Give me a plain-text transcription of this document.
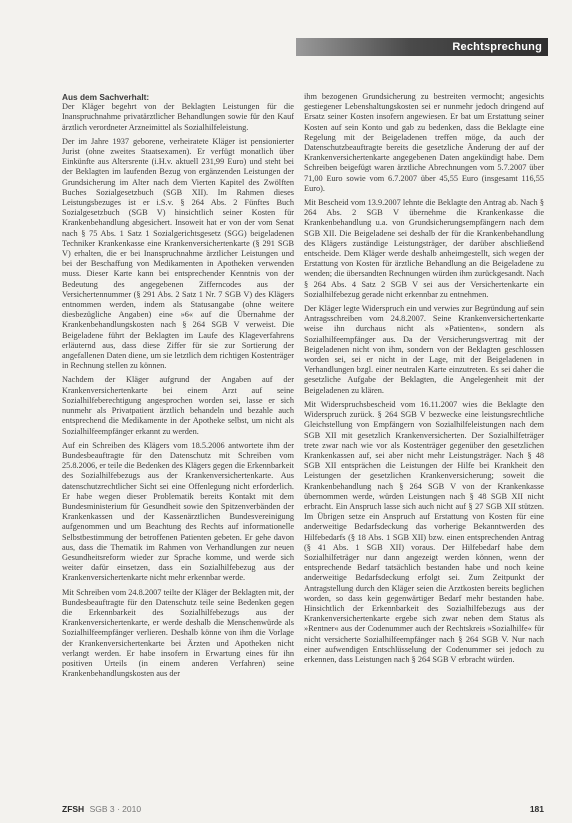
Rechtsprechung

Aus dem Sachverhalt:

Der Kläger begehrt von der Beklagten Leistungen für die Inanspruchnahme privatärztlicher Behandlungen sowie für den Kauf ärztlich verordneter Arzneimittel als Sozialhilfeleistung.

Der im Jahre 1937 geborene, verheiratete Kläger ist pensionierter Jurist (ohne zweites Staatsexamen). Er verfügt monatlich über Einkünfte aus Altersrente (i.H.v. aktuell 231,99 Euro) und steht bei der Beklagten im laufenden Bezug von ergänzenden Leistungen der Grundsicherung im Alter nach dem Vierten Kapitel des Zwölften Buches Sozialgesetzbuch (SGB XII). Im Rahmen dieses Leistungsbezuges ist er i.S.v. § 264 Abs. 2 Fünftes Buch Sozialgesetzbuch (SGB V) hinsichtlich seiner Kosten für Krankenbehandlung abgesichert. Insoweit hat er von der vom Senat nach § 75 Abs. 1 Satz 1 Sozialgerichtsgesetz (SGG) beigeladenen Techniker Krankenkasse eine Krankenversichertenkarte (§ 291 SGB V) erhalten, die er bei Inanspruchnahme ärztlicher Leistungen und bei der Beschaffung von Medikamenten in Apotheken verwenden muss. Dieser Karte kann bei entsprechender Kenntnis von der Bedeutung des angegebenen Zifferncodes aus der Versichertennummer (§ 291 Abs. 2 Satz 1 Nr. 7 SGB V) des Klägers entnommen werden, indem als Statusangabe (ohne weitere diesbezügliche Angaben) eine »6« auf die Übernahme der Krankenbehandlungskosten nach § 264 SGB V verweist. Die Beigeladene führt der Beklagten im Laufe des Klageverfahrens erläuternd aus, dass diese Ziffer für sie zur Sortierung der angefallenen Daten diene, um sie letztlich dem richtigen Kostenträger in Rechnung stellen zu können.

Nachdem der Kläger aufgrund der Angaben auf der Krankenversichertenkarte bei einem Arzt auf seine Sozialhilfeberechtigung angesprochen worden sei, lasse er sich nunmehr als Privatpatient ärztlich behandeln und bezahle auch entsprechend die Medikamente in der Apotheke selbst, um nicht als Sozialhilfeempfänger erkannt zu werden.

Auf ein Schreiben des Klägers vom 18.5.2006 antwortete ihm der Bundesbeauftragte für den Datenschutz mit Schreiben vom 25.8.2006, er teile die Bedenken des Klägers gegen die Erkennbarkeit des Sozialhilfebezugs aus der Krankenversichertenkarte. Aus datenschutzrechtlicher Sicht sei eine Offenlegung nicht erforderlich. Er habe wegen dieser Problematik bereits Kontakt mit dem Bundesministerium für Gesundheit sowie den Spitzenverbänden der Krankenkassen und der Kassenärztlichen Bundesvereinigung aufgenommen und um Beachtung des Rechts auf informationelle Selbstbestimmung der betroffenen Patienten gebeten. Er gehe davon aus, dass die Thematik im Rahmen von Verhandlungen zur neuen Gesundheitsreform wieder zur Sprache komme, und werde sich weiter dafür einsetzen, dass ein Sozialhilfebezug aus der Krankenversichertenkarte nicht mehr erkennbar werde.

Mit Schreiben vom 24.8.2007 teilte der Kläger der Beklagten mit, der Bundesbeauftragte für den Datenschutz teile seine Bedenken gegen die Erkennbarkeit des Sozialhilfebezugs aus der Krankenversichertenkarte, er werde deshalb die Menschenwürde als Sozialhilfeempfänger verlieren. Deshalb könne von ihm die Vorlage der Krankenversichertenkarte bei Ärzten und Apotheken nicht verlangt werden. Er habe insofern in Erwartung eines für ihn positiven Urteils (in einem anderen Verfahren) seine Krankenbehandlungskosten aus der

ihm bezogenen Grundsicherung zu bestreiten vermocht; angesichts gestiegener Lebenshaltungskosten sei er nunmehr jedoch dringend auf Ersatz seiner Kosten insofern angewiesen. Er bat um Erstattung seiner Kosten auf sein Konto und gab zu bedenken, dass die Beklagte eine Regelung mit der Beigeladenen treffen möge, da auch der Datenschutzbeauftragte bereits die gesetzliche Änderung der auf der Krankenversichertenkarte angegebenen Daten angekündigt habe. Dem Schreiben beigefügt waren ärztliche Abrechnungen vom 5.7.2007 über 71,00 Euro sowie vom 6.7.2007 über 45,55 Euro (insgesamt 116,55 Euro).

Mit Bescheid vom 13.9.2007 lehnte die Beklagte den Antrag ab. Nach § 264 Abs. 2 SGB V übernehme die Krankenkasse die Krankenbehandlung u.a. von Grundsicherungsempfängern nach dem SGB XII. Die Beigeladene sei deshalb der für die Krankenbehandlung des Klägers zuständige Leistungsträger, der darüber abschließend entscheide. Dem Kläger werde deshalb anheimgestellt, sich wegen der Erstattung von Kosten für ärztliche Behandlung an die Beigeladene zu wenden; die übersandten Rechnungen würden ihm zurückgesandt. Nach § 264 Abs. 4 Satz 2 SGB V sei aus der Versichertenkarte ein Sozialhilfebezug gerade nicht erkennbar zu entnehmen.

Der Kläger legte Widerspruch ein und verwies zur Begründung auf sein Antragsschreiben vom 24.8.2007. Seine Krankenversichertenkarte weise ihn durchaus nicht als »Patienten«, sondern als Sozialhilfeempfänger aus. Da der Versicherungsvertrag mit der Beigeladenen nicht von ihm, sondern von der Beklagten geschlossen worden sei, sei er nicht in der Lage, mit der Beigeladenen in Verhandlungen bzgl. einer neutralen Karte einzutreten. Es sei daher die gesetzliche Aufgabe der Beklagten, die Angelegenheit mit der Beigeladenen zu klären.

Mit Widerspruchsbescheid vom 16.11.2007 wies die Beklagte den Widerspruch zurück. § 264 SGB V bezwecke eine leistungsrechtliche Gleichstellung von Empfängern von Sozialhilfeleistungen nach dem SGB XII mit gesetzlich Krankenversicherten. Der Sozialhilfeträger trete zwar nach wie vor als Kostenträger gegenüber den gesetzlichen Krankenkassen auf, sei aber nicht mehr Leistungsträger. Nach § 48 SGB XII entsprächen die Leistungen der Hilfe bei Krankheit den Leistungen der gesetzlichen Krankenversicherung; soweit die Krankenbehandlung nach § 264 SGB V von der Krankenkasse übernommen werde, würden Leistungen nach § 48 SGB XII nicht erbracht. Ein Anspruch lasse sich auch nicht auf § 27 SGB XII stützen. Im Übrigen setze ein Anspruch auf Erstattung von Kosten für eine anderweitige Bedarfsdeckung das vorherige Bekanntwerden des Hilfebedarfs (§ 18 Abs. 1 SGB XII) bzw. einen entsprechenden Antrag (§ 41 Abs. 1 SGB XII) voraus. Der Hilfebedarf habe dem Sozialhilfeträger nur dann angezeigt werden können, wenn der entsprechende Bedarf tatsächlich bestanden habe und noch keine anderweitige Bedarfsdeckung erfolgt sei. Zum Zeitpunkt der Antragstellung durch den Kläger seien die Arztkosten bereits beglichen worden, so dass kein gegenwärtiger Bedarf mehr bestanden habe. Hinsichtlich der Erkennbarkeit des Sozialhilfebezugs aus der Krankenversichertenkarte ergebe sich zwar neben dem Status als »Rentner« aus der Codenummer auch der Rechtskreis »Sozialhilfe« für nicht versicherte Sozialhilfeempfänger nach § 264 SGB V. Nur nach einer aufwendigen Entschlüsselung der Codenummer sei jedoch zu erkennen, dass Leistungen nach § 264 SGB V erbracht würden.

ZFSH SGB 3 · 2010	181
